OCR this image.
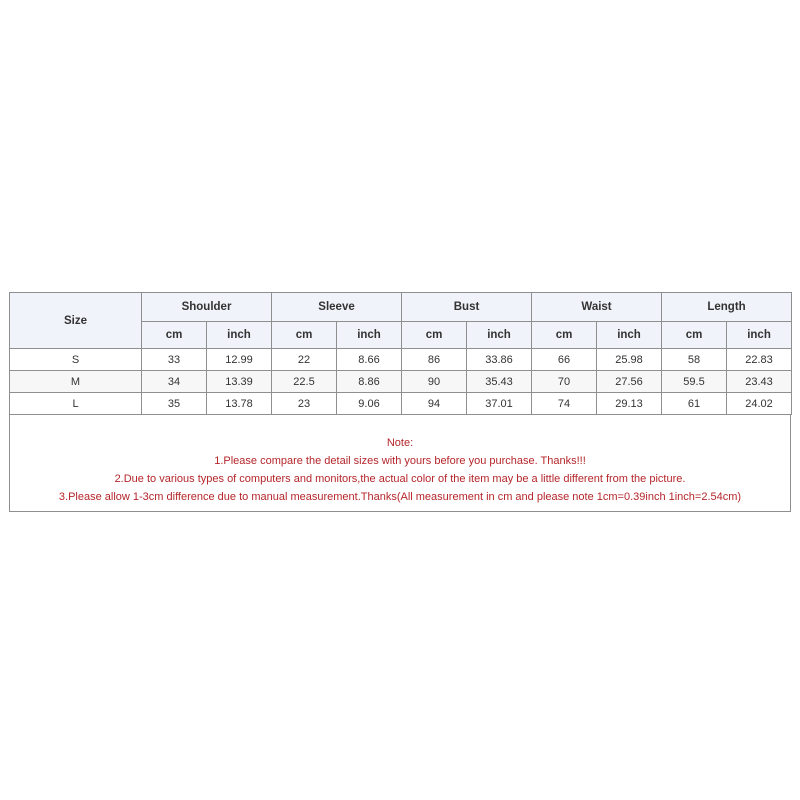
Size	Shoulder		Sleeve		Bust		Waist		Length	
	cm	inch	cm	inch	cm	inch	cm	inch	cm	inch
S	33	12.99	22	8.66	86	33.86	66	25.98	58	22.83
M	34	13.39	22.5	8.86	90	35.43	70	27.56	59.5	23.43
L	35	13.78	23	9.06	94	37.01	74	29.13	61	24.02
Note:
1.Please compare the detail sizes with yours before you purchase. Thanks!!!
2.Due to various types of computers and monitors,the actual color of the item may be a little different from the picture.
3.Please allow 1-3cm difference due to manual measurement.Thanks(All measurement in cm and please note 1cm=0.39inch 1inch=2.54cm)
